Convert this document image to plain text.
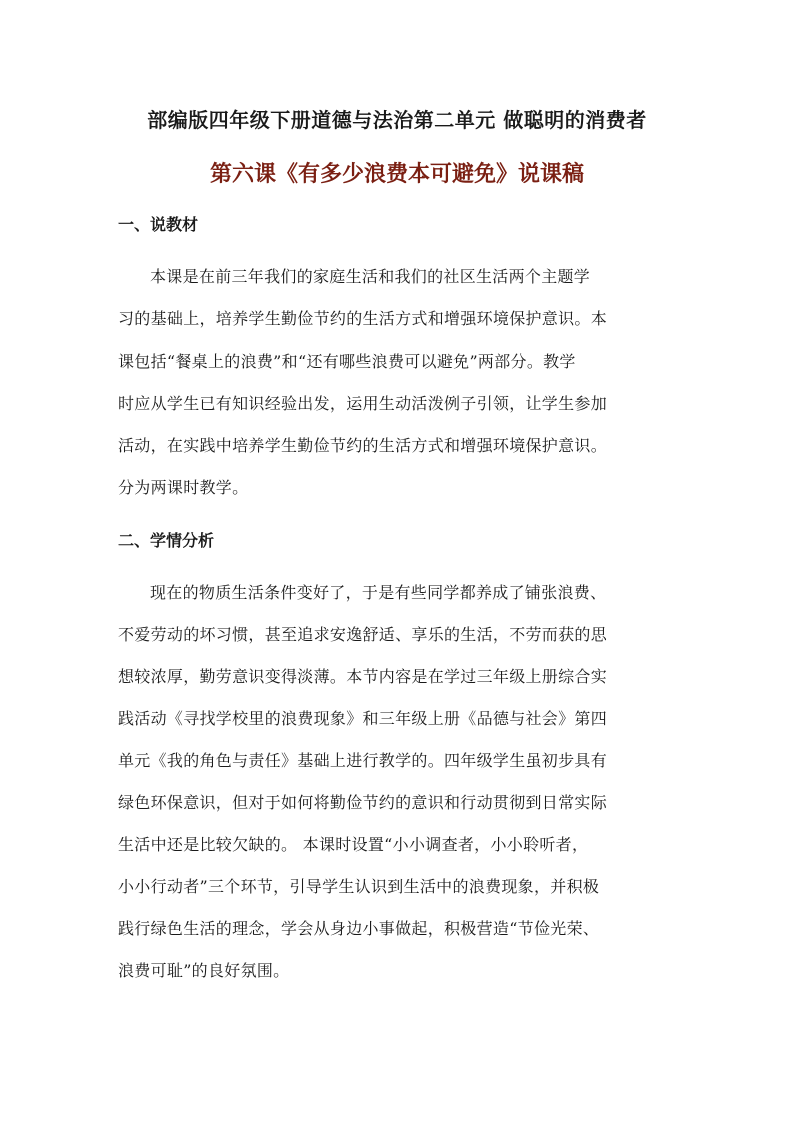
部编版四年级下册道德与法治第二单元 做聪明的消费者
第六课《有多少浪费本可避免》说课稿
一、说教材
本课是在前三年我们的家庭生活和我们的社区生活两个主题学
习的基础上，培养学生勤俭节约的生活方式和增强环境保护意识。本
课包括“餐桌上的浪费”和“还有哪些浪费可以避免”两部分。教学
时应从学生已有知识经验出发，运用生动活泼例子引领，让学生参加
活动，在实践中培养学生勤俭节约的生活方式和增强环境保护意识。
分为两课时教学。
二、学情分析
现在的物质生活条件变好了，于是有些同学都养成了铺张浪费、
不爱劳动的坏习惯，甚至追求安逸舒适、享乐的生活，不劳而获的思
想较浓厚，勤劳意识变得淡薄。本节内容是在学过三年级上册综合实
践活动《寻找学校里的浪费现象》和三年级上册《品德与社会》第四
单元《我的角色与责任》基础上进行教学的。四年级学生虽初步具有
绿色环保意识，但对于如何将勤俭节约的意识和行动贯彻到日常实际
生活中还是比较欠缺的。 本课时设置“小小调查者，小小聆听者，
小小行动者”三个环节，引导学生认识到生活中的浪费现象，并积极
践行绿色生活的理念，学会从身边小事做起，积极营造“节俭光荣、
浪费可耻”的良好氛围。
